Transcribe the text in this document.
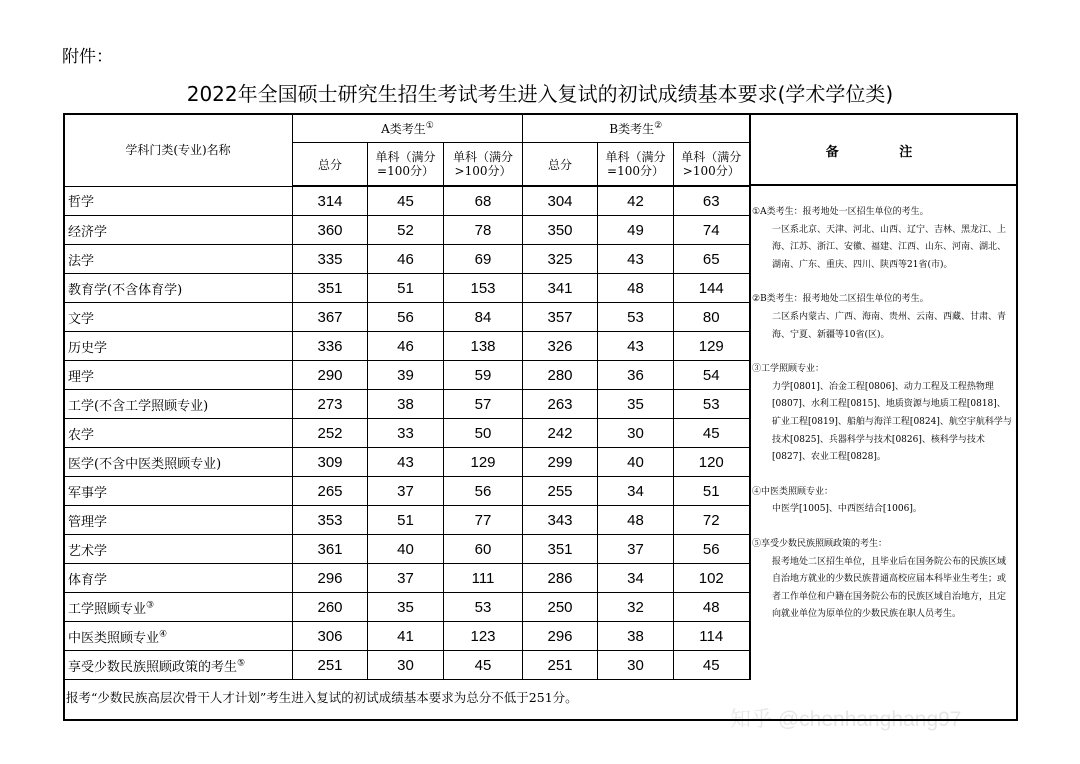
附件：
2022年全国硕士研究生招生考试考生进入复试的初试成绩基本要求(学术学位类)
学科门类(专业)名称	A类考生①			B类考生②
	总分	单科（满分=100分）	单科（满分>100分）	总分	单科（满分=100分）	单科（满分>100分）
哲学	314	45	68	304	42	63
经济学	360	52	78	350	49	74
法学	335	46	69	325	43	65
教育学(不含体育学)	351	51	153	341	48	144
文学	367	56	84	357	53	80
历史学	336	46	138	326	43	129
理学	290	39	59	280	36	54
工学(不含工学照顾专业)	273	38	57	263	35	53
农学	252	33	50	242	30	45
医学(不含中医类照顾专业)	309	43	129	299	40	120
军事学	265	37	56	255	34	51
管理学	353	51	77	343	48	72
艺术学	361	40	60	351	37	56
体育学	296	37	111	286	34	102
工学照顾专业③	260	35	53	250	32	48
中医类照顾专业④	306	41	123	296	38	114
享受少数民族照顾政策的考生⑤	251	30	45	251	30	45
备 注

①A类考生：报考地处一区招生单位的考生。
一区系北京、天津、河北、山西、辽宁、吉林、黑龙江、上海、江苏、浙江、安徽、福建、江西、山东、河南、湖北、湖南、广东、重庆、四川、陕西等21省(市)。

②B类考生：报考地处二区招生单位的考生。
二区系内蒙古、广西、海南、贵州、云南、西藏、甘肃、青海、宁夏、新疆等10省(区)。

③工学照顾专业：
力学[0801]、冶金工程[0806]、动力工程及工程热物理[0807]、水利工程[0815]、地质资源与地质工程[0818]、矿业工程[0819]、船舶与海洋工程[0824]、航空宇航科学与技术[0825]、兵器科学与技术[0826]、核科学与技术[0827]、农业工程[0828]。

④中医类照顾专业：
中医学[1005]、中西医结合[1006]。

⑤享受少数民族照顾政策的考生：
报考地处二区招生单位，且毕业后在国务院公布的民族区域自治地方就业的少数民族普通高校应届本科毕业生考生；或者工作单位和户籍在国务院公布的民族区域自治地方，且定向就业单位为原单位的少数民族在职人员考生。

报考“少数民族高层次骨干人才计划”考生进入复试的初试成绩基本要求为总分不低于251分。
知乎 @chenhanghang97
